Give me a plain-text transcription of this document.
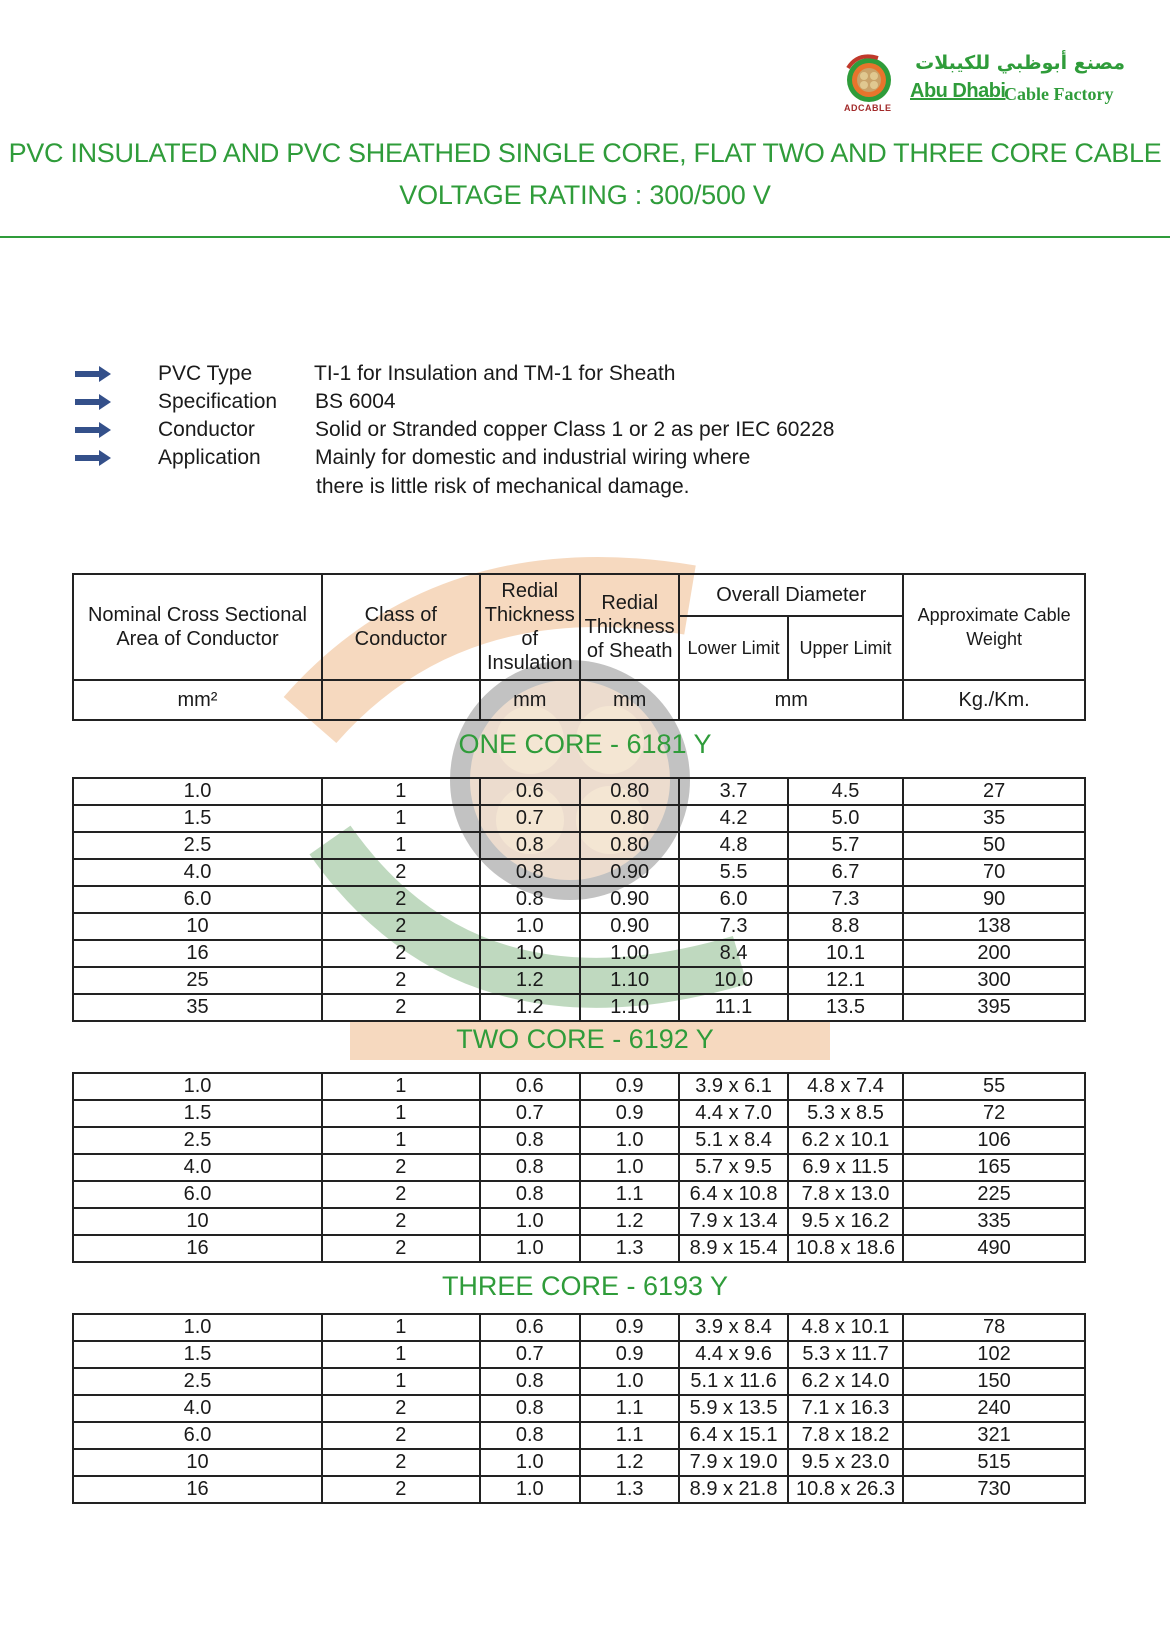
ADCABLE
مصنع أبوظبي للكيبلات
Abu Dhabi
Cable Factory
PVC INSULATED AND PVC SHEATHED SINGLE CORE, FLAT TWO AND THREE CORE CABLE
VOLTAGE RATING : 300/500 V
PVC Type	TI-1 for Insulation and TM-1 for Sheath
Specification BS 6004
Conductor	Solid or Stranded copper Class 1 or 2 as per IEC 60228
Application	Mainly for domestic and industrial wiring where
there is little risk of mechanical damage.
Nominal Cross Sectional Area of Conductor	Class of Conductor	Redial Thickness of Insulation	Redial Thickness of Sheath	Overall Diameter		Approximate Cable Weight
				Lower Limit	Upper Limit	
mm²		mm	mm	mm		Kg./Km.
ONE CORE - 6181 Y
1.0	1	0.6	0.80	3.7	4.5	27
1.5	1	0.7	0.80	4.2	5.0	35
2.5	1	0.8	0.80	4.8	5.7	50
4.0	2	0.8	0.90	5.5	6.7	70
6.0	2	0.8	0.90	6.0	7.3	90
10	2	1.0	0.90	7.3	8.8	138
16	2	1.0	1.00	8.4	10.1	200
25	2	1.2	1.10	10.0	12.1	300
35	2	1.2	1.10	11.1	13.5	395
TWO CORE - 6192 Y
1.0	1	0.6	0.9	3.9 x 6.1	4.8 x 7.4	55
1.5	1	0.7	0.9	4.4 x 7.0	5.3 x 8.5	72
2.5	1	0.8	1.0	5.1 x 8.4	6.2 x 10.1	106
4.0	2	0.8	1.0	5.7 x 9.5	6.9 x 11.5	165
6.0	2	0.8	1.1	6.4 x 10.8	7.8 x 13.0	225
10	2	1.0	1.2	7.9 x 13.4	9.5 x 16.2	335
16	2	1.0	1.3	8.9 x 15.4	10.8 x 18.6	490
THREE CORE - 6193 Y
1.0	1	0.6	0.9	3.9 x 8.4	4.8 x 10.1	78
1.5	1	0.7	0.9	4.4 x 9.6	5.3 x 11.7	102
2.5	1	0.8	1.0	5.1 x 11.6	6.2 x 14.0	150
4.0	2	0.8	1.1	5.9 x 13.5	7.1 x 16.3	240
6.0	2	0.8	1.1	6.4 x 15.1	7.8 x 18.2	321
10	2	1.0	1.2	7.9 x 19.0	9.5 x 23.0	515
16	2	1.0	1.3	8.9 x 21.8	10.8 x 26.3	730
